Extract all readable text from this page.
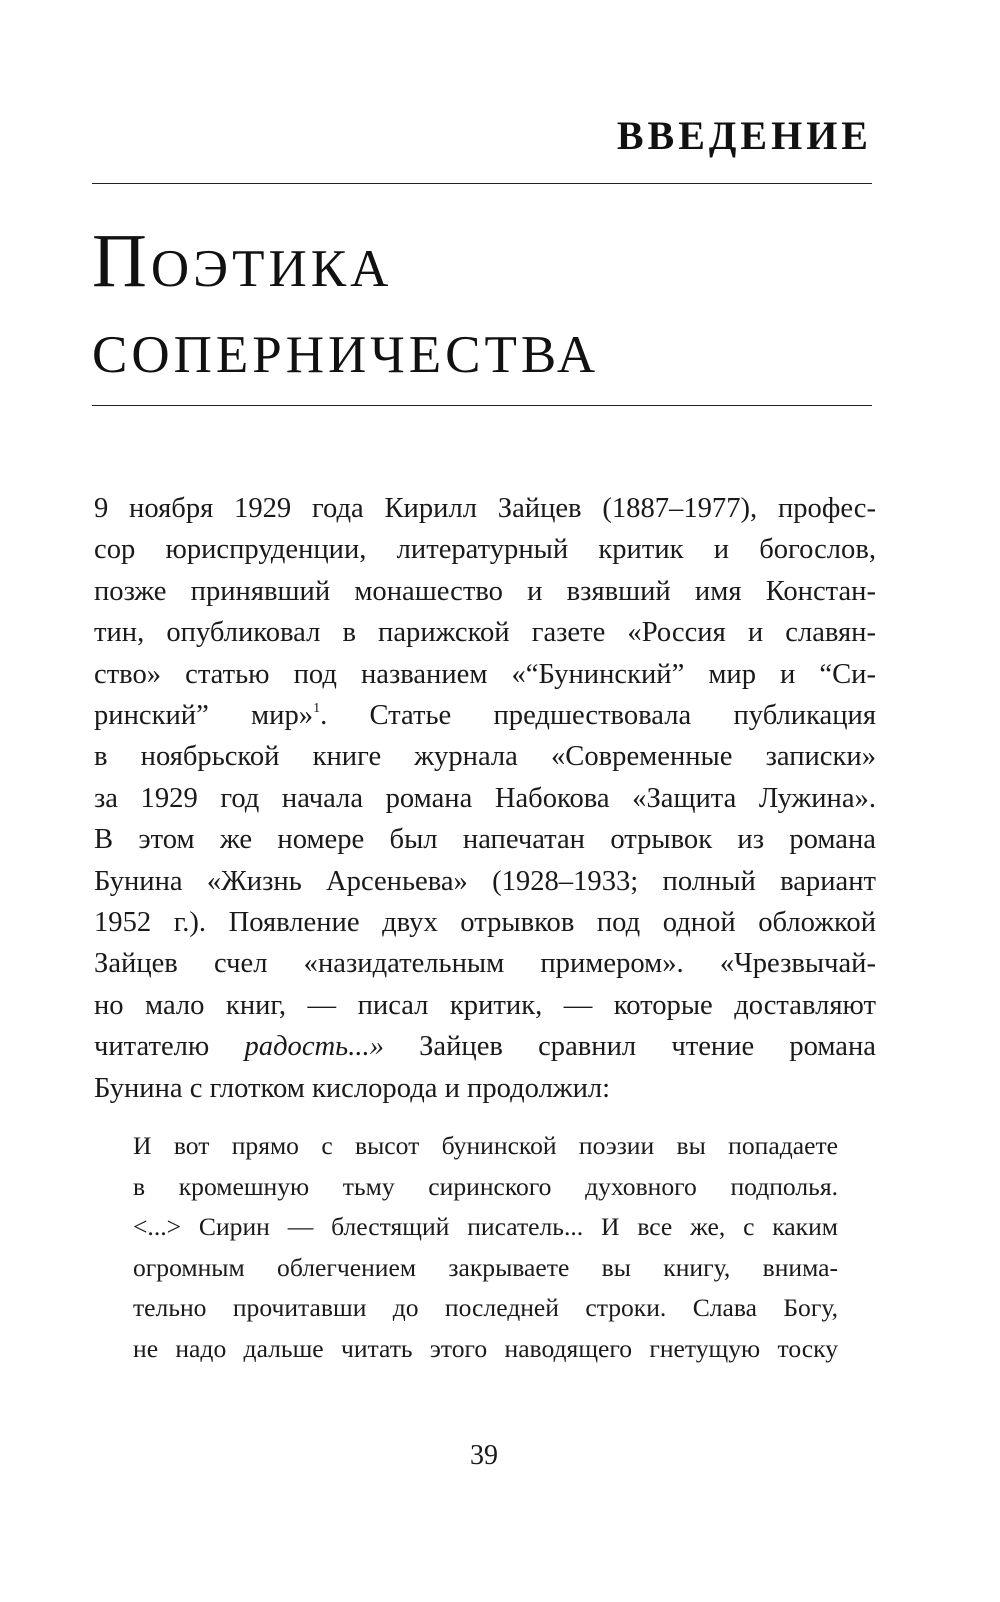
ВВЕДЕНИЕ
Поэтика
соперничества
9 ноября 1929 года Кирилл Зайцев (1887–1977), профес-
сор юриспруденции, литературный критик и богослов,
позже принявший монашество и взявший имя Констан-
тин, опубликовал в парижской газете «Россия и славян-
ство» статью под названием «“Бунинский” мир и “Си-
ринский” мир»$^1$. Статье предшествовала публикация
в ноябрьской книге журнала «Современные записки»
за 1929 год начала романа Набокова «Защита Лужина».
В этом же номере был напечатан отрывок из романа
Бунина «Жизнь Арсеньева» (1928–1933; полный вариант
1952 г.). Появление двух отрывков под одной обложкой
Зайцев счел «назидательным примером». «Чрезвычай-
но мало книг, — писал критик, — которые доставляют
читателю радость...» Зайцев сравнил чтение романа
Бунина с глотком кислорода и продолжил:
И вот прямо с высот бунинской поэзии вы попадаете
в кромешную тьму сиринского духовного подполья.
<...> Сирин — блестящий писатель... И все же, с каким
огромным облегчением закрываете вы книгу, внима-
тельно прочитавши до последней строки. Слава Богу,
не надо дальше читать этого наводящего гнетущую тоску
39
